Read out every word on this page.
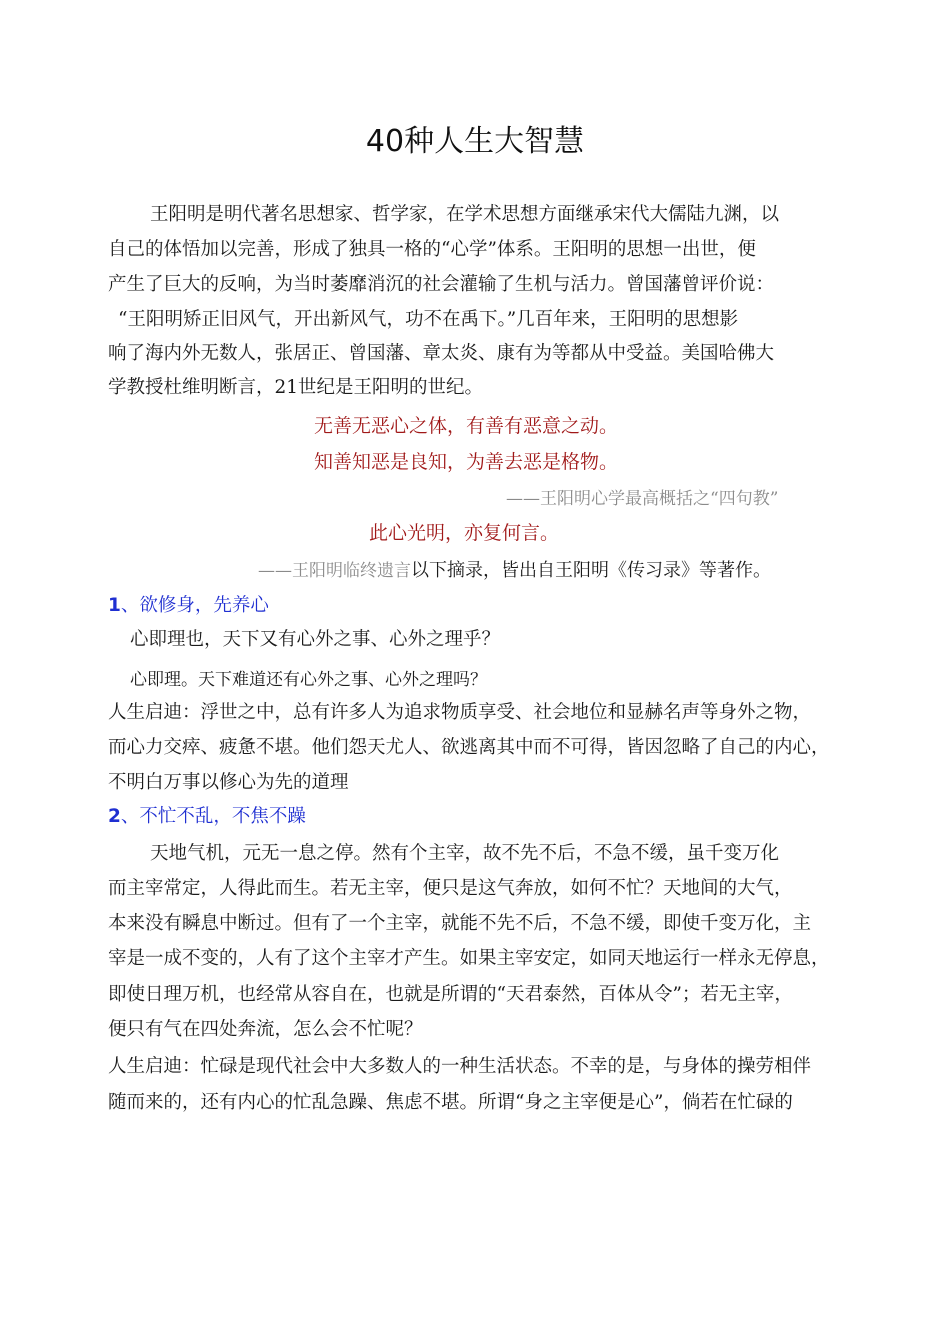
40种人生大智慧
王阳明是明代著名思想家、哲学家，在学术思想方面继承宋代大儒陆九渊，以
自己的体悟加以完善，形成了独具一格的“心学”体系。王阳明的思想一出世，便
产生了巨大的反响，为当时萎靡消沉的社会灌输了生机与活力。曾国藩曾评价说：
“王阳明矫正旧风气，开出新风气，功不在禹下。”几百年来，王阳明的思想影
响了海内外无数人，张居正、曾国藩、章太炎、康有为等都从中受益。美国哈佛大
学教授杜维明断言，21世纪是王阳明的世纪。
无善无恶心之体，有善有恶意之动。
知善知恶是良知，为善去恶是格物。
——王阳明心学最高概括之“四句教”
此心光明，亦复何言。
——王阳明临终遗言以下摘录，皆出自王阳明《传习录》等著作。
1、欲修身，先养心
心即理也，天下又有心外之事、心外之理乎？
心即理。天下难道还有心外之事、心外之理吗？
人生启迪：浮世之中，总有许多人为追求物质享受、社会地位和显赫名声等身外之物，
而心力交瘁、疲惫不堪。他们怨天尤人、欲逃离其中而不可得，皆因忽略了自己的内心，
不明白万事以修心为先的道理
2、不忙不乱，不焦不躁
天地气机，元无一息之停。然有个主宰，故不先不后，不急不缓，虽千变万化
而主宰常定，人得此而生。若无主宰，便只是这气奔放，如何不忙？天地间的大气，
本来没有瞬息中断过。但有了一个主宰，就能不先不后，不急不缓，即使千变万化，主
宰是一成不变的，人有了这个主宰才产生。如果主宰安定，如同天地运行一样永无停息，
即使日理万机，也经常从容自在，也就是所谓的“天君泰然，百体从令”；若无主宰，
便只有气在四处奔流，怎么会不忙呢？
人生启迪：忙碌是现代社会中大多数人的一种生活状态。不幸的是，与身体的操劳相伴
随而来的，还有内心的忙乱急躁、焦虑不堪。所谓“身之主宰便是心”，倘若在忙碌的
